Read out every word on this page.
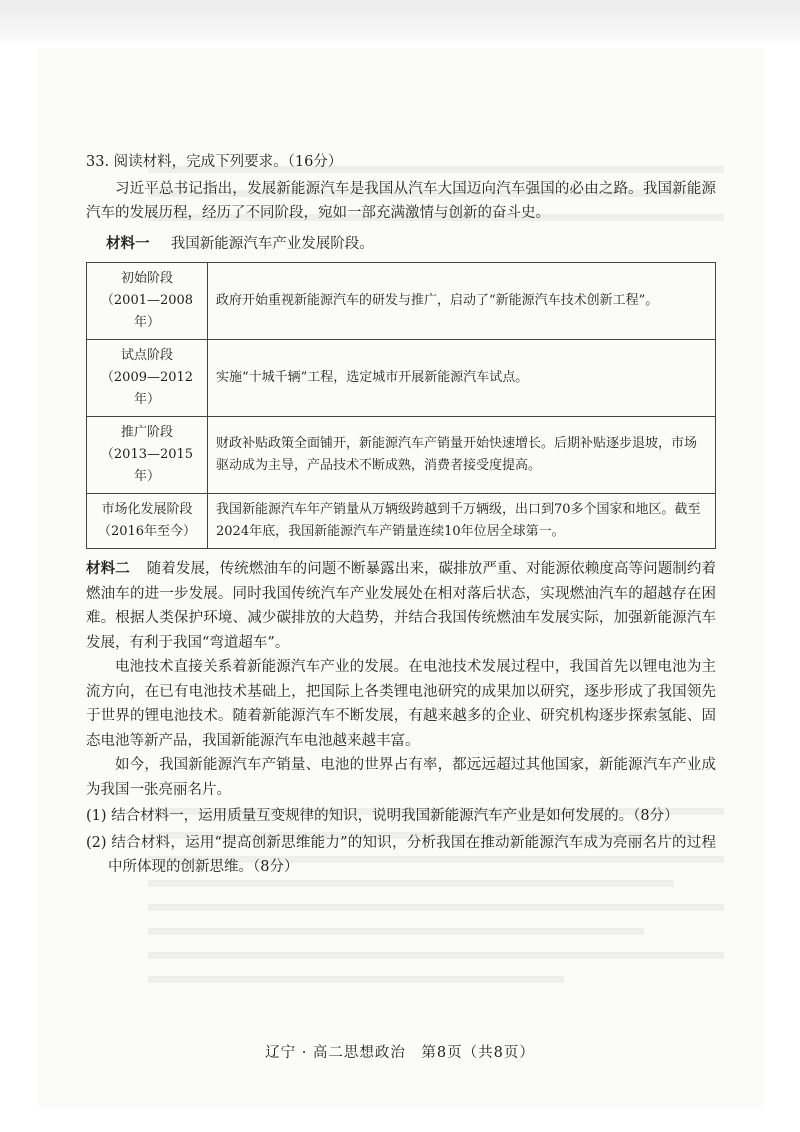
33. 阅读材料，完成下列要求。（16分）

习近平总书记指出，发展新能源汽车是我国从汽车大国迈向汽车强国的必由之路。我国新能源汽车的发展历程，经历了不同阶段，宛如一部充满激情与创新的奋斗史。

材料一 我国新能源汽车产业发展阶段。

初始阶段
（2001—2008年）	政府开始重视新能源汽车的研发与推广，启动了“新能源汽车技术创新工程”。

试点阶段
（2009—2012年）	实施“十城千辆”工程，选定城市开展新能源汽车试点。

推广阶段
（2013—2015年）	财政补贴政策全面铺开，新能源汽车产销量开始快速增长。后期补贴逐步退坡，市场驱动成为主导，产品技术不断成熟，消费者接受度提高。

市场化发展阶段
（2016年至今）	我国新能源汽车年产销量从万辆级跨越到千万辆级，出口到70多个国家和地区。截至2024年底，我国新能源汽车产销量连续10年位居全球第一。

材料二 随着发展，传统燃油车的问题不断暴露出来，碳排放严重、对能源依赖度高等问题制约着燃油车的进一步发展。同时我国传统汽车产业发展处在相对落后状态，实现燃油汽车的超越存在困难。根据人类保护环境、减少碳排放的大趋势，并结合我国传统燃油车发展实际，加强新能源汽车发展，有利于我国“弯道超车”。

电池技术直接关系着新能源汽车产业的发展。在电池技术发展过程中，我国首先以锂电池为主流方向，在已有电池技术基础上，把国际上各类锂电池研究的成果加以研究，逐步形成了我国领先于世界的锂电池技术。随着新能源汽车不断发展，有越来越多的企业、研究机构逐步探索氢能、固态电池等新产品，我国新能源汽车电池越来越丰富。

如今，我国新能源汽车产销量、电池的世界占有率，都远远超过其他国家，新能源汽车产业成为我国一张亮丽名片。

(1) 结合材料一，运用质量互变规律的知识，说明我国新能源汽车产业是如何发展的。（8分）

(2) 结合材料，运用“提高创新思维能力”的知识，分析我国在推动新能源汽车成为亮丽名片的过程中所体现的创新思维。（8分）

辽宁 · 高二思想政治　第8页（共8页）
